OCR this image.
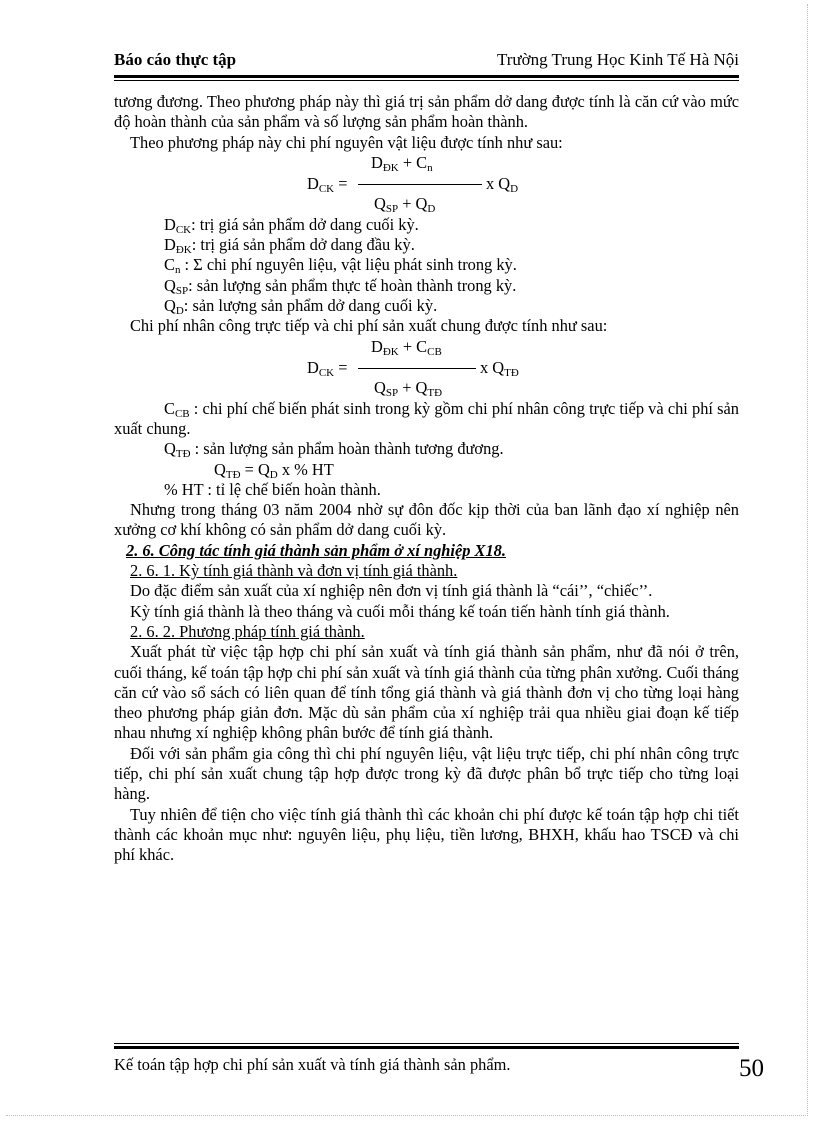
Báo cáo thực tập	Trường Trung Học Kinh Tế Hà Nội

tương đương. Theo phương pháp này thì giá trị sản phẩm dở dang được tính là căn cứ vào mức độ hoàn thành của sản phẩm và số lượng sản phẩm hoàn thành.

Theo phương pháp này chi phí nguyên vật liệu được tính như sau:

$D_{ĐK} + C_n$
$D_{CK}$ =	x $Q_D$
$Q_{SP} + Q_D$

$D_{CK}$: trị giá sản phẩm dở dang cuối kỳ.

$D_{ĐK}$: trị giá sản phẩm dở dang đầu kỳ.

$C_n$ : Σ chi phí nguyên liệu, vật liệu phát sinh trong kỳ.

$Q_{SP}$: sản lượng sản phẩm thực tế hoàn thành trong kỳ.

$Q_D$: sản lượng sản phẩm dở dang cuối kỳ.

Chi phí nhân công trực tiếp và chi phí sản xuất chung được tính như sau:

$D_{ĐK} + C_{CB}$
$D_{CK}$ =	x $Q_{TĐ}$
$Q_{SP} + Q_{TĐ}$

$C_{CB}$ : chi phí chế biến phát sinh trong kỳ gồm chi phí nhân công trực tiếp và chi phí sản xuất chung.

$Q_{TĐ}$ : sản lượng sản phẩm hoàn thành tương đương.

$Q_{TĐ} = Q_D$ x % HT

% HT : tỉ lệ chế biến hoàn thành.

Nhưng trong tháng 03 năm 2004 nhờ sự đôn đốc kịp thời của ban lãnh đạo xí nghiệp nên xưởng cơ khí không có sản phẩm dở dang cuối kỳ.

2. 6. Công tác tính giá thành sản phẩm ở xí nghiệp X18.

2. 6. 1. Kỳ tính giá thành và đơn vị tính giá thành.

Do đặc điểm sản xuất của xí nghiệp nên đơn vị tính giá thành là “cái’’, “chiếc’’.

Kỳ tính giá thành là theo tháng và cuối mỗi tháng kế toán tiến hành tính giá thành.

2. 6. 2. Phương pháp tính giá thành.

Xuất phát từ việc tập hợp chi phí sản xuất và tính giá thành sản phẩm, như đã nói ở trên, cuối tháng, kế toán tập hợp chi phí sản xuất và tính giá thành của từng phân xưởng. Cuối tháng căn cứ vào sổ sách có liên quan để tính tổng giá thành và giá thành đơn vị cho từng loại hàng theo phương pháp giản đơn. Mặc dù sản phẩm của xí nghiệp trải qua nhiều giai đoạn kế tiếp nhau nhưng xí nghiệp không phân bước để tính giá thành.

Đối với sản phẩm gia công thì chi phí nguyên liệu, vật liệu trực tiếp, chi phí nhân công trực tiếp, chi phí sản xuất chung tập hợp được trong kỳ đã được phân bổ trực tiếp cho từng loại hàng.

Tuy nhiên để tiện cho việc tính giá thành thì các khoản chi phí được kế toán tập hợp chi tiết thành các khoản mục như: nguyên liệu, phụ liệu, tiền lương, BHXH, khấu hao TSCĐ và chi phí khác.

Kế toán tập hợp chi phí sản xuất và tính giá thành sản phẩm.	50
